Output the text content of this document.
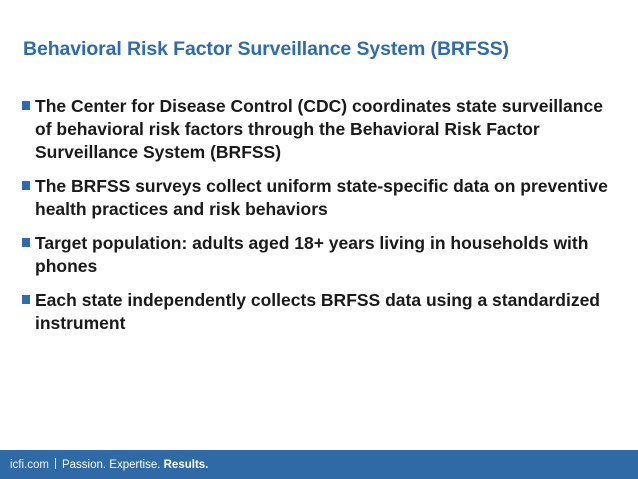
Behavioral Risk Factor Surveillance System (BRFSS)
The Center for Disease Control (CDC) coordinates state surveillance of behavioral risk factors through the Behavioral Risk Factor Surveillance System (BRFSS)
The BRFSS surveys collect uniform state-specific data on preventive health practices and risk behaviors
Target population: adults aged 18+ years living in households with phones
Each state independently collects BRFSS data using a standardized instrument
icfi.com Passion. Expertise. Results.
